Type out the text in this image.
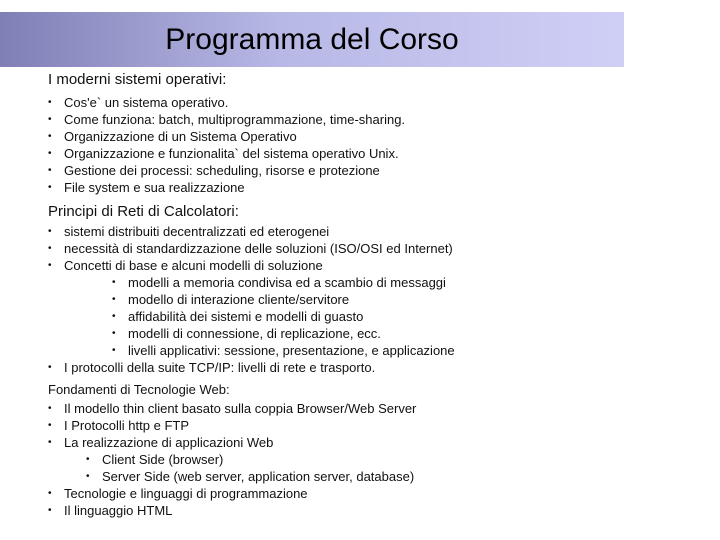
Programma del Corso
I moderni sistemi operativi:
• Cos'e` un sistema operativo.
• Come funziona: batch, multiprogrammazione, time-sharing.
• Organizzazione di un Sistema Operativo
• Organizzazione e funzionalita` del sistema operativo Unix.
• Gestione dei processi: scheduling, risorse e protezione
• File system e sua realizzazione
Principi di Reti di Calcolatori:
• sistemi distribuiti decentralizzati ed eterogenei
• necessità di standardizzazione delle soluzioni (ISO/OSI ed Internet)
• Concetti di base e alcuni modelli di soluzione
• modelli a memoria condivisa ed a scambio di messaggi
• modello di interazione cliente/servitore
• affidabilità dei sistemi e modelli di guasto
• modelli di connessione, di replicazione, ecc.
• livelli applicativi: sessione, presentazione, e applicazione
• I protocolli della suite TCP/IP: livelli di rete e trasporto.
Fondamenti di Tecnologie Web:
• Il modello thin client basato sulla coppia Browser/Web Server
• I Protocolli http e FTP
• La realizzazione di applicazioni Web
• Client Side (browser)
• Server Side (web server, application server, database)
• Tecnologie e linguaggi di programmazione
• Il linguaggio HTML
